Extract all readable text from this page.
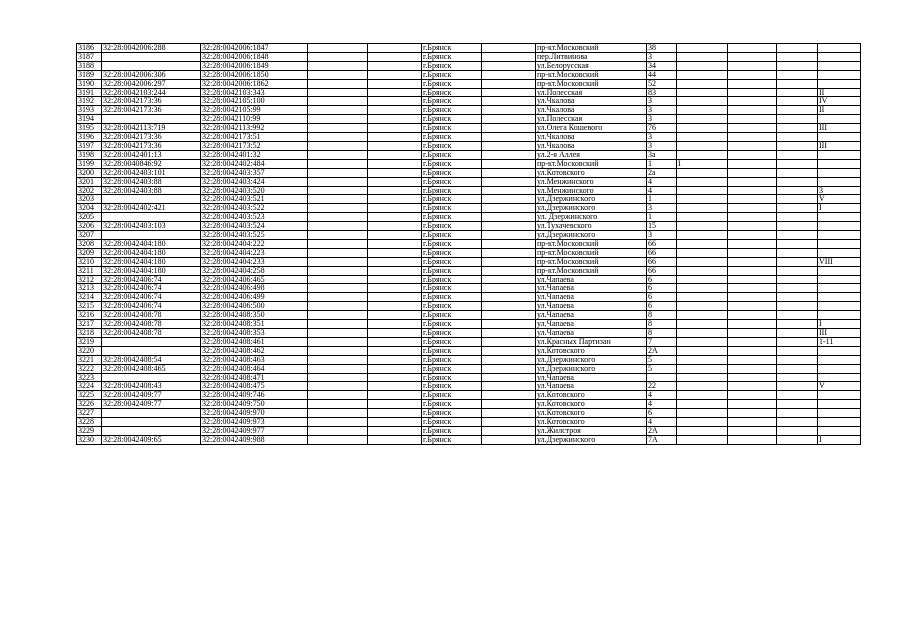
3186	32:28:0042006:288	32:28:0042006:1847			г.Брянск		пр-кт.Московский	38				
3187		32:28:0042006:1848			г.Брянск		пер.Литвинова	3				
3188		32:28:0042006:1849			г.Брянск		ул.Белорусская	34				
3189	32:28:0042006:306	32:28:0042006:1850			г.Брянск		пр-кт.Московский	44				
3190	32:28:0042006:297	32:28:0042006:1862			г.Брянск		пр-кт.Московский	52				
3191	32:28:0042103:244	32:28:0042103:343			г.Брянск		ул.Полесская	83				II
3192	32:28:0042173:36	32:28:0042105:100			г.Брянск		ул.Чкалова	3				IV
3193	32:28:0042173:36	32:28:0042105:99			г.Брянск		ул.Чкалова	3				II
3194		32:28:0042110:99			г.Брянск		ул.Полесская	3				
3195	32:28:0042113:719	32:28:0042113:992			г.Брянск		ул.Олега Кошевого	76				III
3196	32:28:0042173:36	32:28:0042173:51			г.Брянск		ул.Чкалова	3				
3197	32:28:0042173:36	32:28:0042173:52			г.Брянск		ул.Чкалова	3				III
3198	32:28:0042401:13	32:28:0042401:32			г.Брянск		ул.2-я Аллея	3а				
3199	32:28:0040846:92	32:28:0042402:484			г.Брянск		пр-кт.Московский	1	I			
3200	32:28:0042403:101	32:28:0042403:357			г.Брянск		ул.Котовского	2а				
3201	32:28:0042403:88	32:28:0042403:424			г.Брянск		ул.Менжинского	4				
3202	32:28:0042403:88	32:28:0042403:520			г.Брянск		ул.Менжинского	4				3
3203		32:28:0042403:521			г.Брянск		ул.Дзержинского	1				V
3204	32:28:0042402:421	32:28:0042403:522			г.Брянск		ул.Дзержинского	3				I
3205		32:28:0042403:523			г.Брянск		ул. Дзержинского	1				
3206	32:28:0042403:103	32:28:0042403:524			г.Брянск		ул.Тухачевского	15				
3207		32:28:0042403:525			г.Брянск		ул.Дзержинского	3				
3208	32:28:0042404:180	32:28:0042404:222			г.Брянск		пр-кт.Московский	66				
3209	32:28:0042404:180	32:28:0042404:223			г.Брянск		пр-кт.Московский	66				
3210	32:28:0042404:180	32:28:0042404:233			г.Брянск		пр-кт.Московский	66				VIII
3211	32:28:0042404:180	32:28:0042404:258			г.Брянск		пр-кт.Московский	66				
3212	32:28:0042406:74	32:28:0042406:465			г.Брянск		ул.Чапаева	6				
3213	32:28:0042406:74	32:28:0042406:498			г.Брянск		ул.Чапаева	6				
3214	32:28:0042406:74	32:28:0042406:499			г.Брянск		ул.Чапаева	6				
3215	32:28:0042406:74	32:28:0042406:500			г.Брянск		ул.Чапаева	6				
3216	32:28:0042408:78	32:28:0042408:350			г.Брянск		ул.Чапаева	8				
3217	32:28:0042408:78	32:28:0042408:351			г.Брянск		ул.Чапаева	8				I
3218	32:28:0042408:78	32:28:0042408:353			г.Брянск		ул.Чапаева	8				III
3219		32:28:0042408:461			г.Брянск		ул.Красных Партизан	7				1-11
3220		32:28:0042408:462			г.Брянск		ул.Котовского	2А				
3221	32:28:0042408:54	32:28:0042408:463			г.Брянск		ул.Дзержинского	5				
3222	32:28:0042408:465	32:28:0042408:464			г.Брянск		ул.Дзержинского	5				
3223		32:28:0042408:471			г.Брянск		ул.Чапаева					
3224	32:28:0042408:43	32:28:0042408:475			г.Брянск		ул.Чапаева	22				V
3225	32:28:0042409:77	32:28:0042409:746			г.Брянск		ул.Котовского	4				
3226	32:28:0042409:77	32:28:0042409:750			г.Брянск		ул.Котовского	4				
3227		32:28:0042409:970			г.Брянск		ул.Котовского	6				
3228		32:28:0042409:973			г.Брянск		ул.Котовского	4				
3229		32:28:0042409:977			г.Брянск		ул.Жилстроя	2А				
3230	32:28:0042409:65	32:28:0042409:988			г.Брянск		ул.Дзержинского	7А				I
